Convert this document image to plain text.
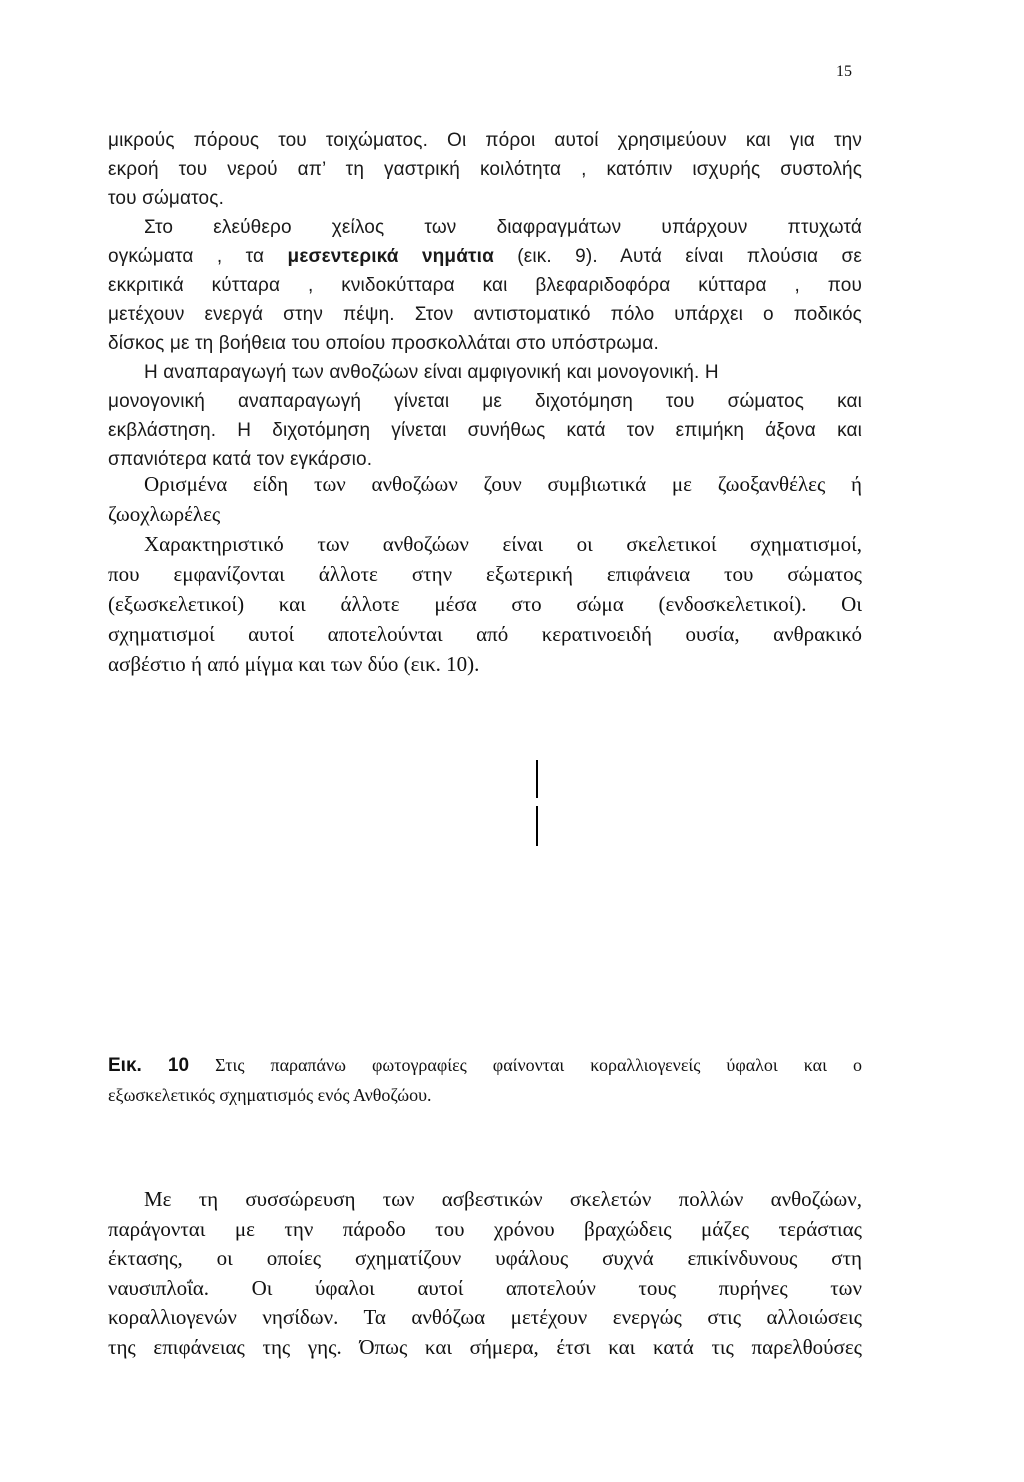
15
μικρούς πόρους του τοιχώματος. Οι πόροι αυτοί χρησιμεύουν και για την
εκροή του νερού απ’ τη γαστρική κοιλότητα , κατόπιν ισχυρής συστολής
του σώματος.
Στο ελεύθερο χείλος των διαφραγμάτων υπάρχουν πτυχωτά
ογκώματα , τα μεσεντερικά νημάτια (εικ. 9). Αυτά είναι πλούσια σε
εκκριτικά κύτταρα , κνιδοκύτταρα και βλεφαριδοφόρα κύτταρα , που
μετέχουν ενεργά στην πέψη. Στον αντιστοματικό πόλο υπάρχει ο ποδικός
δίσκος με τη βοήθεια του οποίου προσκολλάται στο υπόστρωμα.
Η αναπαραγωγή των ανθοζώων είναι αμφιγονική και μονογονική. Η
μονογονική αναπαραγωγή γίνεται με διχοτόμηση του σώματος και
εκβλάστηση. Η διχοτόμηση γίνεται συνήθως κατά τον επιμήκη άξονα και
σπανιότερα κατά τον εγκάρσιο.
Ορισμένα είδη των ανθοζώων ζουν συμβιωτικά με ζωοξανθέλες ή
ζωοχλωρέλες
Χαρακτηριστικό των ανθοζώων είναι οι σκελετικοί σχηματισμοί,
που εμφανίζονται άλλοτε στην εξωτερική επιφάνεια του σώματος
(εξωσκελετικοί) και άλλοτε μέσα στο σώμα (ενδοσκελετικοί). Οι
σχηματισμοί αυτοί αποτελούνται από κερατινοειδή ουσία, ανθρακικό
ασβέστιο ή από μίγμα και των δύο (εικ. 10).
Εικ. 10 Στις παραπάνω φωτογραφίες φαίνονται κοραλλιογενείς ύφαλοι και ο
εξωσκελετικός σχηματισμός ενός Ανθοζώου.
Με τη συσσώρευση των ασβεστικών σκελετών πολλών ανθοζώων,
παράγονται με την πάροδο του χρόνου βραχώδεις μάζες τεράστιας
έκτασης, οι οποίες σχηματίζουν υφάλους συχνά επικίνδυνους στη
ναυσιπλοΐα. Οι ύφαλοι αυτοί αποτελούν τους πυρήνες των
κοραλλιογενών νησίδων. Τα ανθόζωα μετέχουν ενεργώς στις αλλοιώσεις
της επιφάνειας της γης. Όπως και σήμερα, έτσι και κατά τις παρελθούσες
